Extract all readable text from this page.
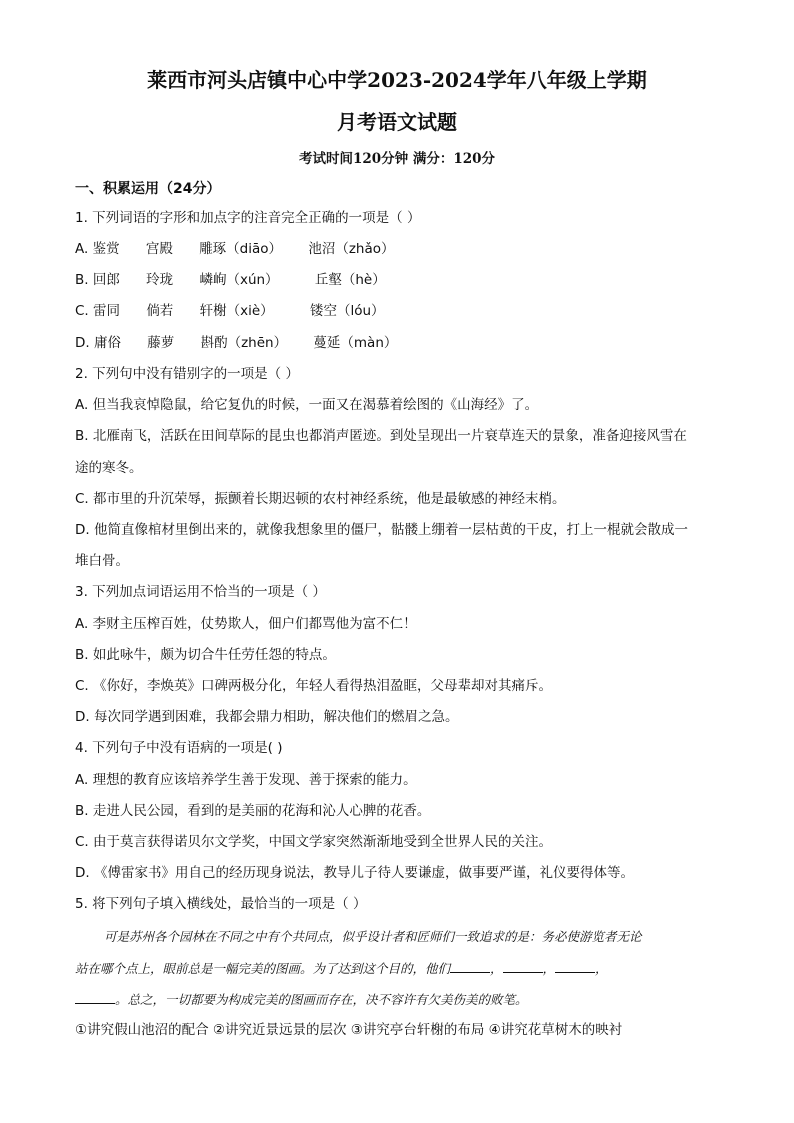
莱西市河头店镇中心中学2023-2024学年八年级上学期
月考语文试题
考试时间120分钟 满分：120分
一、积累运用（24分）
1. 下列词语的字形和加点字的注音完全正确的一项是（ ）
A. 鉴赏 宫殿 雕琢（diāo） 池沼（zhǎo）
B. 回郎 玲珑 嶙峋（xún）	丘壑（hè）
C. 雷同 倘若 轩榭（xiè）	镂空（lóu）
D. 庸俗 藤萝 斟酌（zhēn） 蔓延（màn）
2. 下列句中没有错别字的一项是（ ）
A. 但当我哀悼隐鼠，给它复仇的时候，一面又在渴慕着绘图的《山海经》了。
B. 北雁南飞，活跃在田间草际的昆虫也都消声匿迹。到处呈现出一片衰草连天的景象，准备迎接风雪在
途的寒冬。
C. 都市里的升沉荣辱，振颤着长期迟顿的农村神经系统，他是最敏感的神经末梢。
D. 他简直像棺材里倒出来的，就像我想象里的僵尸，骷髅上绷着一层枯黄的干皮，打上一棍就会散成一
堆白骨。
3. 下列加点词语运用不恰当的一项是（ ）
A. 李财主压榨百姓，仗势欺人，佃户们都骂他为富不仁！
B. 如此咏牛，颇为切合牛任劳任怨的特点。
C. 《你好，李焕英》口碑两极分化，年轻人看得热泪盈眶，父母辈却对其痛斥。
D. 每次同学遇到困难，我都会鼎力相助，解决他们的燃眉之急。
4. 下列句子中没有语病的一项是( )
A. 理想的教育应该培养学生善于发现、善于探索的能力。
B. 走进人民公园，看到的是美丽的花海和沁人心脾的花香。
C. 由于莫言获得诺贝尔文学奖，中国文学家突然渐渐地受到全世界人民的关注。
D. 《傅雷家书》用自己的经历现身说法，教导儿子待人要谦虚，做事要严谨，礼仪要得体等。
5. 将下列句子填入横线处，最恰当的一项是（ ）
可是苏州各个园林在不同之中有个共同点，似乎设计者和匠师们一致追求的是：务必使游览者无论
站在哪个点上，眼前总是一幅完美的图画。为了达到这个目的，他们	，	，	，
。总之，一切都要为构成完美的图画而存在，决不容许有欠美伤美的败笔。
①讲究假山池沼的配合 ②讲究近景远景的层次 ③讲究亭台轩榭的布局 ④讲究花草树木的映衬
